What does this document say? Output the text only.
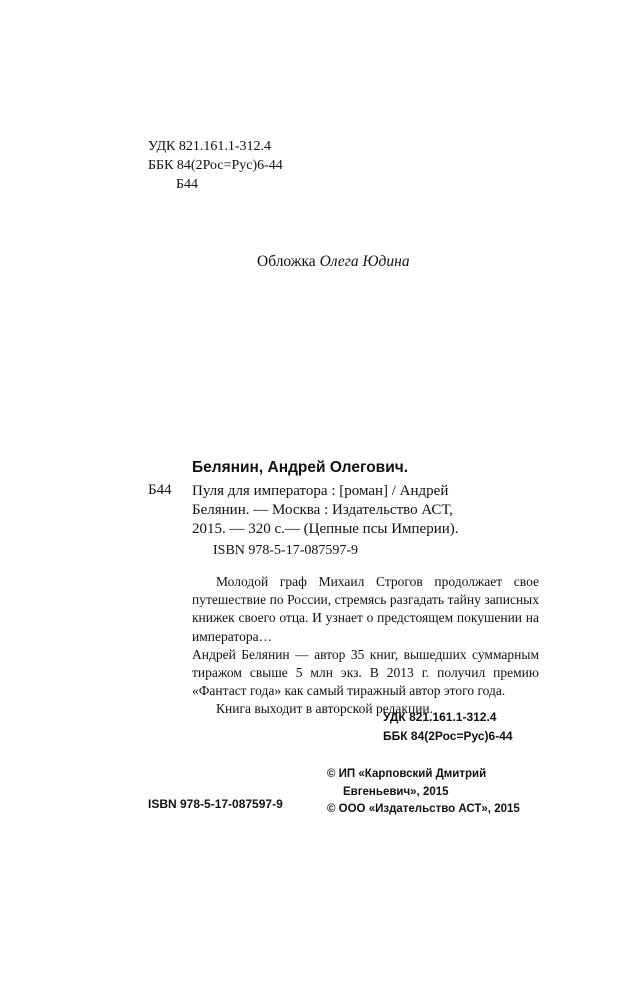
УДК 821.161.1-312.4
ББК 84(2Рос=Рус)6-44
Б44
Обложка Олега Юдина
Белянин, Андрей Олегович.
Б44 Пуля для императора : [роман] / Андрей
Белянин. — Москва : Издательство АСТ,
2015. — 320 с.— (Цепные псы Империи).
ISBN 978-5-17-087597-9

Молодой граф Михаил Строгов продолжает свое путешествие по России, стремясь разгадать тайну записных книжек своего отца. И узнает о предстоящем покушении на императора…

Андрей Белянин — автор 35 книг, вышедших суммарным тиражом свыше 5 млн экз. В 2013 г. получил премию «Фантаст года» как самый тиражный автор этого года.

Книга выходит в авторской редакции.

УДК 821.161.1-312.4
ББК 84(2Рос=Рус)6-44
ISBN 978-5-17-087597-9
© ИП «Карповский Дмитрий
Евгеньевич», 2015
© ООО «Издательство АСТ», 2015
